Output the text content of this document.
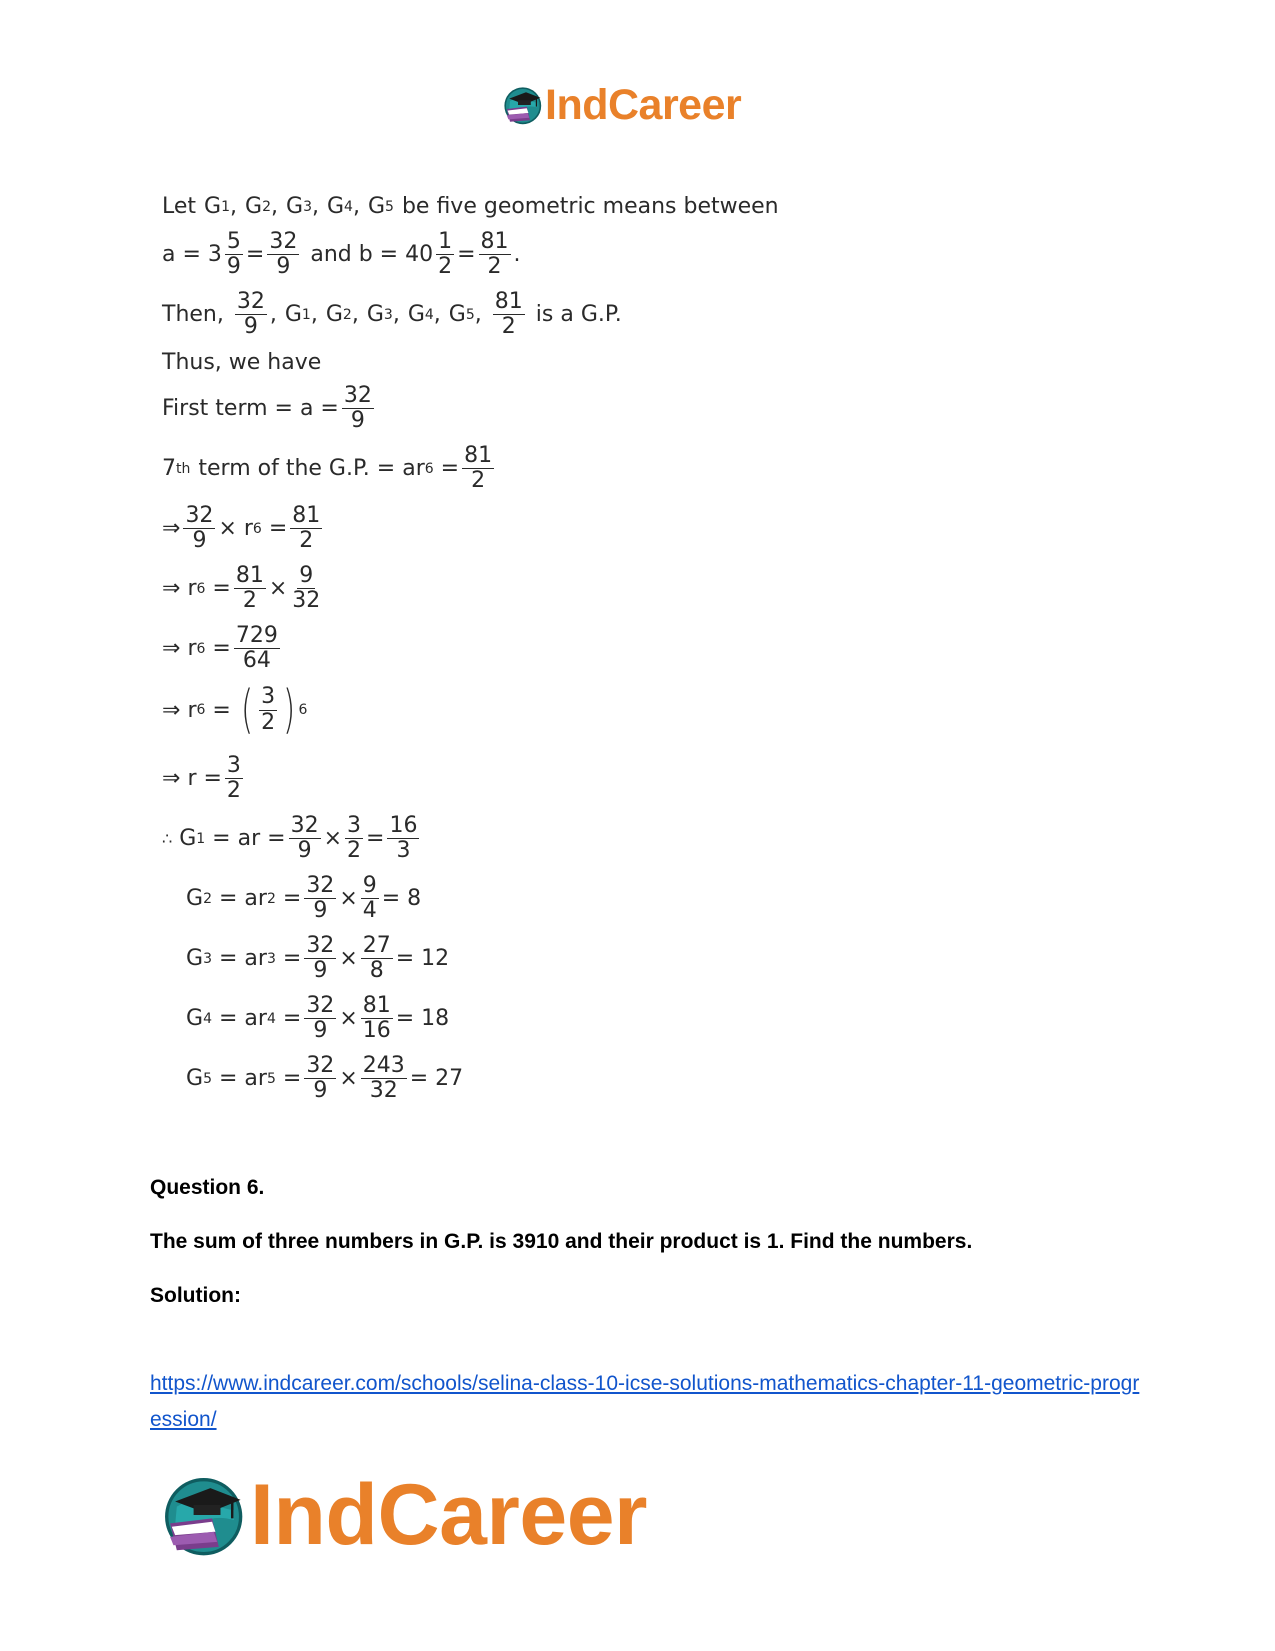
IndCareer
Let G 1 , G 2 , G 3 , G 4 , G 5 be five geometric means between
$a = 3 \frac{5}{9} = \frac{32}{9}$ and $b = 40 \frac{1}{2} = \frac{81}{2}$ .
Then, $\frac{32}{9}$ , G 1 , G 2 , G 3 , G 4 , G 5 , $\frac{81}{2}$ is a G.P.
Thus, we have
First term = $a = \frac{32}{9}$
7 th term of the G.P. = ar 6
= $\frac{81}{2}$
⇒ $\frac{32}{9}$ ×
r 6
= $\frac{81}{2}$
⇒
r 6
= $\frac{81}{2} \times \frac{9}{32}$
⇒
r 6
= $\frac{729}{64}$
⇒
r 6
=
( $\frac{3}{2}$ ) 6
⇒
r
= $\frac{3}{2}$
∴
G 1
=
ar
= $\frac{32}{9} \times \frac{3}{2} = \frac{16}{3}$
G 2
=
ar 2
= $\frac{32}{9} \times \frac{9}{4} = 8$
G 3
=
ar 3
= $\frac{32}{9} \times \frac{27}{8} = 12$
G 4
=
ar 4
= $\frac{32}{9} \times \frac{81}{16} = 18$
G 5
=
ar 5
= $\frac{32}{9} \times \frac{243}{32} = 27$
Question 6.
The sum of three numbers in G.P. is 3910 and their product is 1. Find the numbers.
Solution:
https://www.indcareer.com/schools/selina-class-10-icse-solutions-mathematics-chapter-11-geometric-progression/
IndCareer
